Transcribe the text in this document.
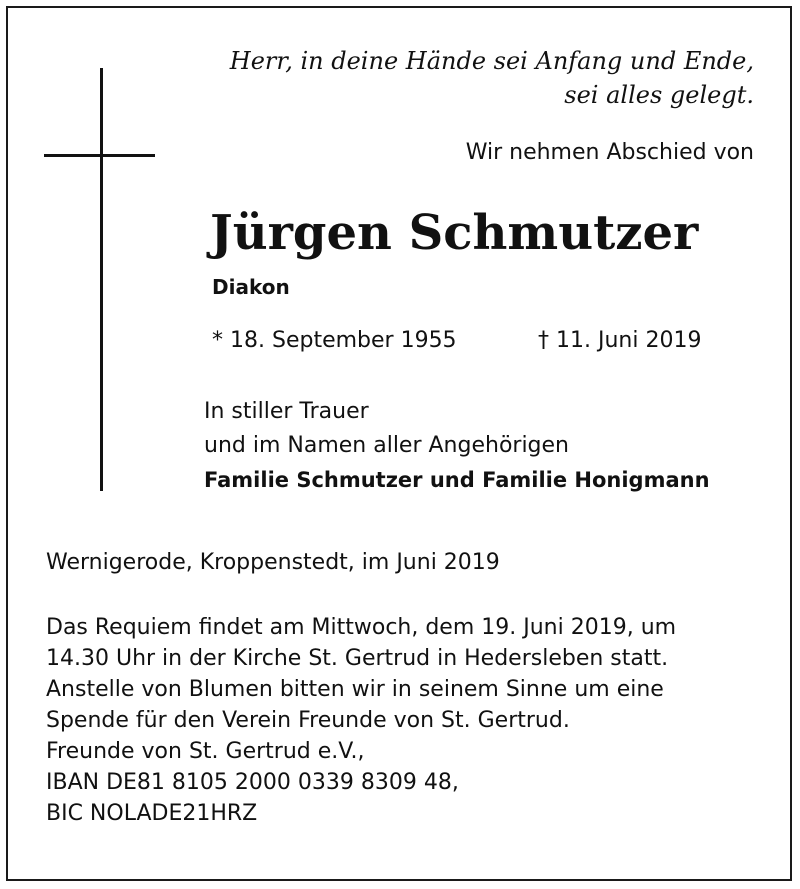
Herr, in deine Hände sei Anfang und Ende,
sei alles gelegt.
Wir nehmen Abschied von
Jürgen Schmutzer
Diakon
* 18. September 1955	† 11. Juni 2019
In stiller Trauer
und im Namen aller Angehörigen
Familie Schmutzer und Familie Honigmann
Wernigerode, Kroppenstedt, im Juni 2019
Das Requiem findet am Mittwoch, dem 19. Juni 2019, um
14.30 Uhr in der Kirche St. Gertrud in Hedersleben statt.
Anstelle von Blumen bitten wir in seinem Sinne um eine
Spende für den Verein Freunde von St. Gertrud.
Freunde von St. Gertrud e.V.,
IBAN DE81 8105 2000 0339 8309 48,
BIC NOLADE21HRZ
